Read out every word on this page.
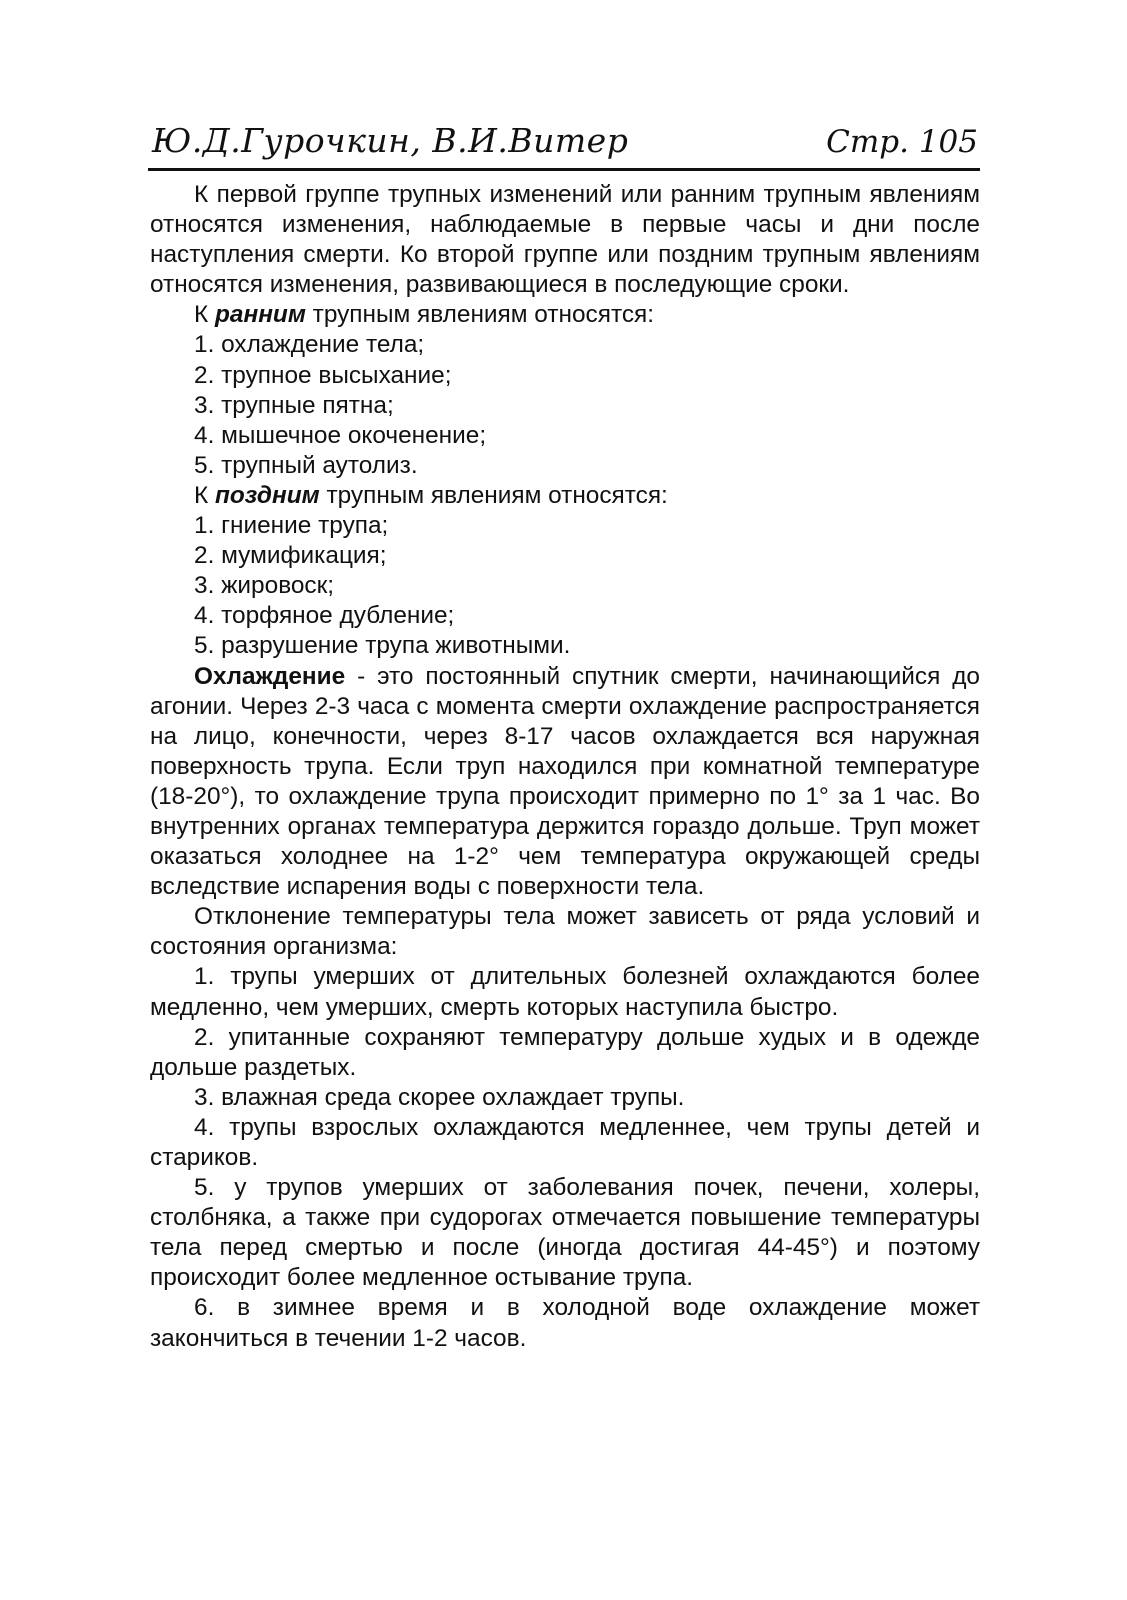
Ю.Д.Гурочкин, В.И.Витер	Стр. 105

К первой группе трупных изменений или ранним трупным явлениям относятся изменения, наблюдаемые в первые часы и дни после наступления смерти. Ко второй группе или поздним трупным явлениям относятся изменения, развивающиеся в последующие сроки.

К ранним трупным явлениям относятся:

1. охлаждение тела;

2. трупное высыхание;

3. трупные пятна;

4. мышечное окоченение;

5. трупный аутолиз.

К поздним трупным явлениям относятся:

1. гниение трупа;

2. мумификация;

3. жировоск;

4. торфяное дубление;

5. разрушение трупа животными.

Охлаждение - это постоянный спутник смерти, начинающийся до агонии. Через 2-3 часа с момента смерти охлаждение распространяется на лицо, конечности, через 8-17 часов охлаждается вся наружная поверхность трупа. Если труп находился при комнатной температуре (18-20°), то охлаждение трупа происходит примерно по 1° за 1 час. Во внутренних органах температура держится гораздо дольше. Труп может оказаться холоднее на 1-2° чем температура окружающей среды вследствие испарения воды с поверхности тела.

Отклонение температуры тела может зависеть от ряда условий и состояния организма:

1. трупы умерших от длительных болезней охлаждаются более медленно, чем умерших, смерть которых наступила быстро.

2. упитанные сохраняют температуру дольше худых и в одежде дольше раздетых.

3. влажная среда скорее охлаждает трупы.

4. трупы взрослых охлаждаются медленнее, чем трупы детей и стариков.

5. у трупов умерших от заболевания почек, печени, холеры, столбняка, а также при судорогах отмечается повышение температуры тела перед смертью и после (иногда достигая 44-45°) и поэтому происходит более медленное остывание трупа.

6. в зимнее время и в холодной воде охлаждение может закончиться в течении 1-2 часов.
